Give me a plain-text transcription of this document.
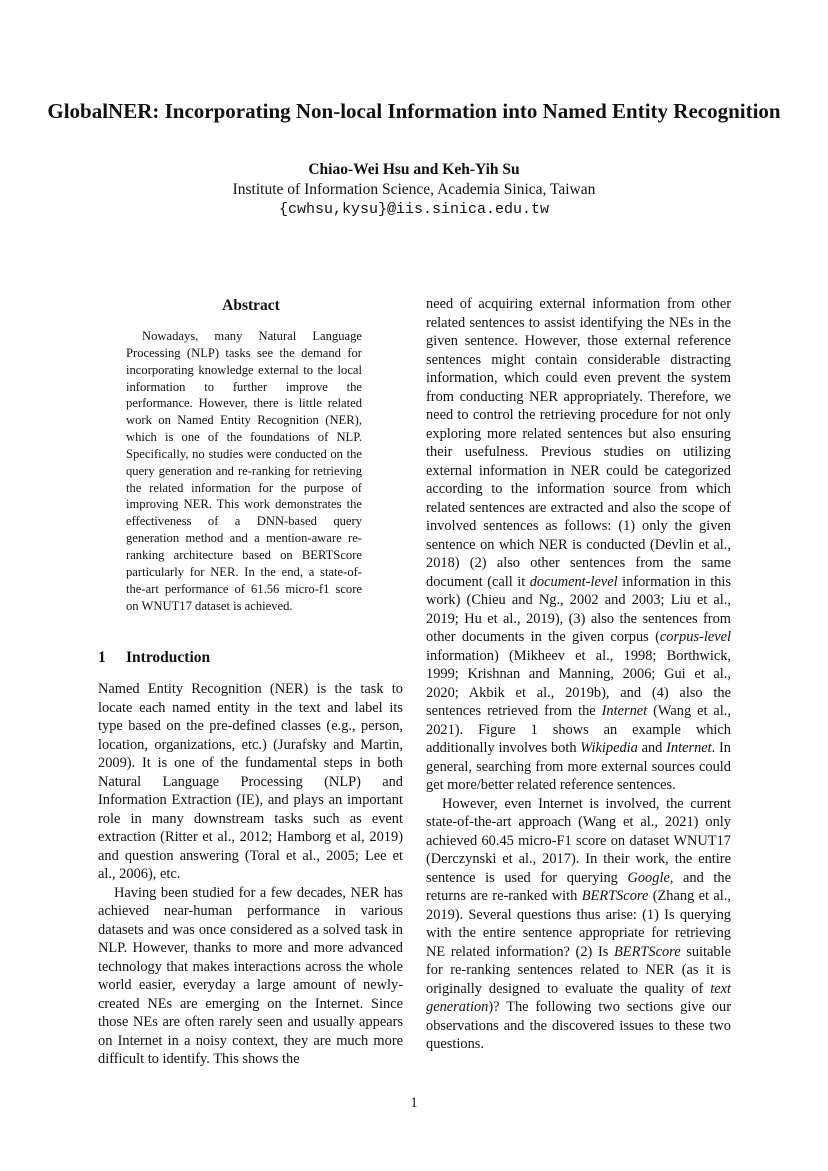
GlobalNER: Incorporating Non-local Information into Named Entity Recognition
Chiao-Wei Hsu and Keh-Yih Su
Institute of Information Science, Academia Sinica, Taiwan
{cwhsu,kysu}@iis.sinica.edu.tw
Abstract

Nowadays, many Natural Language Processing (NLP) tasks see the demand for incorporating knowledge external to the local information to further improve the performance. However, there is little related work on Named Entity Recognition (NER), which is one of the foundations of NLP. Specifically, no studies were conducted on the query generation and re-ranking for retrieving the related information for the purpose of improving NER. This work demonstrates the effectiveness of a DNN-based query generation method and a mention-aware re-ranking architecture based on BERTScore particularly for NER. In the end, a state-of-the-art performance of 61.56 micro-f1 score on WNUT17 dataset is achieved.

1 Introduction

Named Entity Recognition (NER) is the task to locate each named entity in the text and label its type based on the pre-defined classes (e.g., person, location, organizations, etc.) (Jurafsky and Martin, 2009). It is one of the fundamental steps in both Natural Language Processing (NLP) and Information Extraction (IE), and plays an important role in many downstream tasks such as event extraction (Ritter et al., 2012; Hamborg et al, 2019) and question answering (Toral et al., 2005; Lee et al., 2006), etc.

Having been studied for a few decades, NER has achieved near-human performance in various datasets and was once considered as a solved task in NLP. However, thanks to more and more advanced technology that makes interactions across the whole world easier, everyday a large amount of newly-created NEs are emerging on the Internet. Since those NEs are often rarely seen and usually appears on Internet in a noisy context, they are much more difficult to identify. This shows the

need of acquiring external information from other related sentences to assist identifying the NEs in the given sentence. However, those external reference sentences might contain considerable distracting information, which could even prevent the system from conducting NER appropriately. Therefore, we need to control the retrieving procedure for not only exploring more related sentences but also ensuring their usefulness. Previous studies on utilizing external information in NER could be categorized according to the information source from which related sentences are extracted and also the scope of involved sentences as follows: (1) only the given sentence on which NER is conducted (Devlin et al., 2018) (2) also other sentences from the same document (call it document-level information in this work) (Chieu and Ng., 2002 and 2003; Liu et al., 2019; Hu et al., 2019), (3) also the sentences from other documents in the given corpus (corpus-level information) (Mikheev et al., 1998; Borthwick, 1999; Krishnan and Manning, 2006; Gui et al., 2020; Akbik et al., 2019b), and (4) also the sentences retrieved from the Internet (Wang et al., 2021). Figure 1 shows an example which additionally involves both Wikipedia and Internet. In general, searching from more external sources could get more/better related reference sentences.

However, even Internet is involved, the current state-of-the-art approach (Wang et al., 2021) only achieved 60.45 micro-F1 score on dataset WNUT17 (Derczynski et al., 2017). In their work, the entire sentence is used for querying Google, and the returns are re-ranked with BERTScore (Zhang et al., 2019). Several questions thus arise: (1) Is querying with the entire sentence appropriate for retrieving NE related information? (2) Is BERTScore suitable for re-ranking sentences related to NER (as it is originally designed to evaluate the quality of text generation)? The following two sections give our observations and the discovered issues to these two questions.

1
